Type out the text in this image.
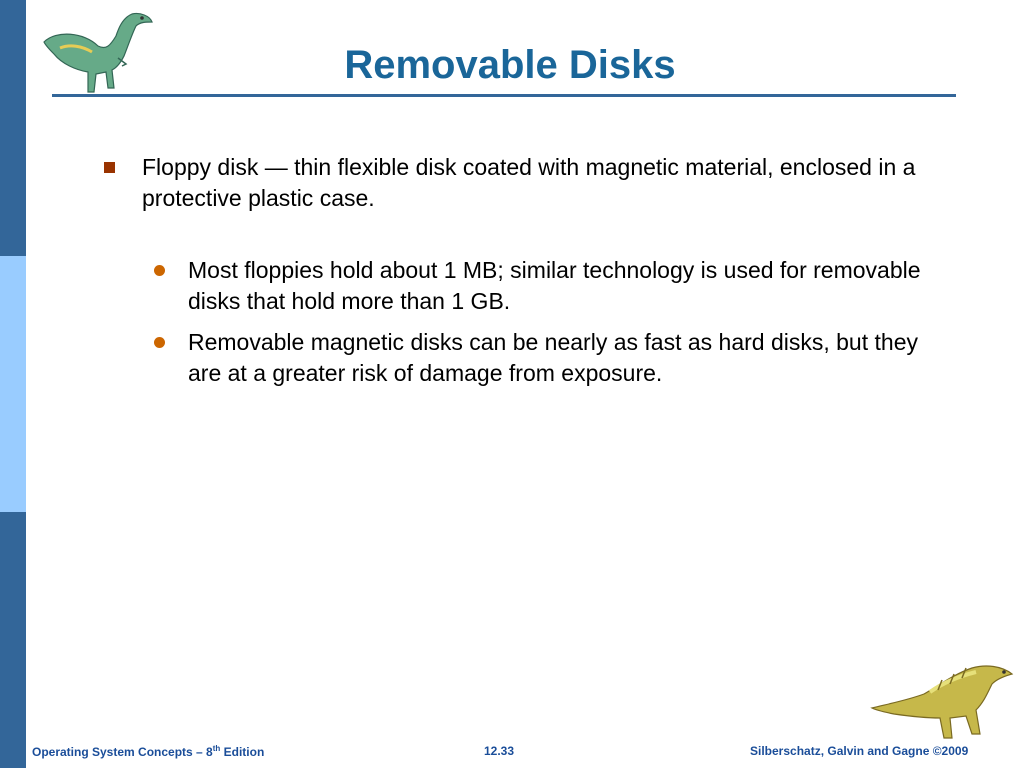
Removable Disks
Floppy disk — thin flexible disk coated with magnetic material, enclosed in a protective plastic case.
Most floppies hold about 1 MB; similar technology is used for removable disks that hold more than 1 GB.
Removable magnetic disks can be nearly as fast as hard disks, but they are at a greater risk of damage from exposure.
Operating System Concepts – 8th Edition	12.33	Silberschatz, Galvin and Gagne ©2009
